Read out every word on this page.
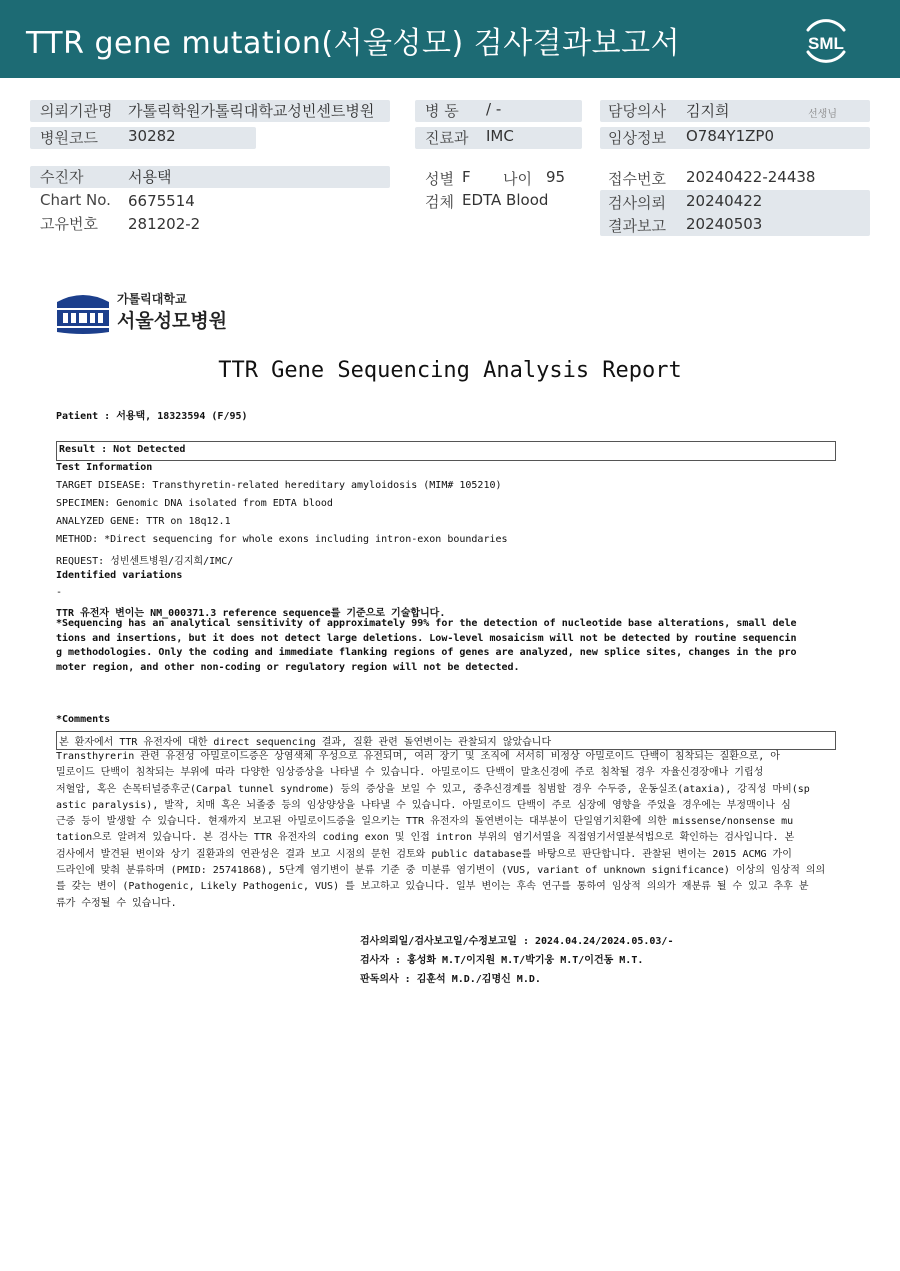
TTR gene mutation(서울성모) 검사결과보고서	SML
의뢰기관명 가톨릭학원가톨릭대학교성빈센트병원
병원코드 30282
병 동 / -
진료과 IMC
담당의사 김지희	선생님
임상정보 O784Y1ZP0
수진자	서용택
Chart No. 6675514
고유번호 281202-2
성별 F 나이 95
검체 EDTA Blood
접수번호 20240422-24438
검사의뢰 20240422
결과보고 20240503
가톨릭대학교
서울성모병원
TTR Gene Sequencing Analysis Report
Patient : 서용택, 18323594 (F/95)
Result : Not Detected
Test Information
TARGET DISEASE: Transthyretin-related hereditary amyloidosis (MIM# 105210)
SPECIMEN: Genomic DNA isolated from EDTA blood
ANALYZED GENE: TTR on 18q12.1
METHOD: *Direct sequencing for whole exons including intron-exon boundaries
REQUEST: 성빈센트병원/김지희/IMC/
Identified variations
-
TTR 유전자 변이는 NM_000371.3 reference sequence를 기준으로 기술합니다.
*Sequencing has an analytical sensitivity of approximately 99% for the detection of nucleotide base alterations, small dele
tions and insertions, but it does not detect large deletions. Low-level mosaicism will not be detected by routine sequencin
g methodologies. Only the coding and immediate flanking regions of genes are analyzed, new splice sites, changes in the pro
moter region, and other non-coding or regulatory region will not be detected.
*Comments
본 환자에서 TTR 유전자에 대한 direct sequencing 결과, 질환 관련 돌연변이는 관찰되지 않았습니다
Transthyrerin 관련 유전성 아밀로이드증은 상염색체 우성으로 유전되며, 여러 장기 및 조직에 서서히 비정상 아밀로이드 단백이 침착되는 질환으로, 아
밀로이드 단백이 침착되는 부위에 따라 다양한 임상증상을 나타낼 수 있습니다. 아밀로이드 단백이 말초신경에 주로 침착될 경우 자율신경장애나 기립성
저혈압, 혹은 손목터널증후군(Carpal tunnel syndrome) 등의 증상을 보일 수 있고, 중추신경계를 침범할 경우 수두증, 운동실조(ataxia), 강직성 마비(sp
astic paralysis), 발작, 치매 혹은 뇌졸중 등의 임상양상을 나타낼 수 있습니다. 아밀로이드 단백이 주로 심장에 영향을 주었을 경우에는 부정맥이나 심
근증 등이 발생할 수 있습니다. 현재까지 보고된 아밀로이드증을 일으키는 TTR 유전자의 돌연변이는 대부분이 단일염기치환에 의한 missense/nonsense mu
tation으로 알려져 있습니다. 본 검사는 TTR 유전자의 coding exon 및 인접 intron 부위의 염기서열을 직접염기서열분석법으로 확인하는 검사입니다. 본
검사에서 발견된 변이와 상기 질환과의 연관성은 결과 보고 시점의 문헌 검토와 public database를 바탕으로 판단합니다. 관찰된 변이는 2015 ACMG 가이
드라인에 맞춰 분류하며 (PMID: 25741868), 5단계 염기변이 분류 기준 중 미분류 염기변이 (VUS, variant of unknown significance) 이상의 임상적 의의
를 갖는 변이 (Pathogenic, Likely Pathogenic, VUS) 를 보고하고 있습니다. 일부 변이는 후속 연구를 통하여 임상적 의의가 재분류 될 수 있고 추후 분
류가 수정될 수 있습니다.
검사의뢰일/검사보고일/수정보고일 : 2024.04.24/2024.05.03/-
검사자 : 홍성화 M.T/이지원 M.T/박기웅 M.T/이건동 M.T.
판독의사 : 김훈석 M.D./김명신 M.D.
